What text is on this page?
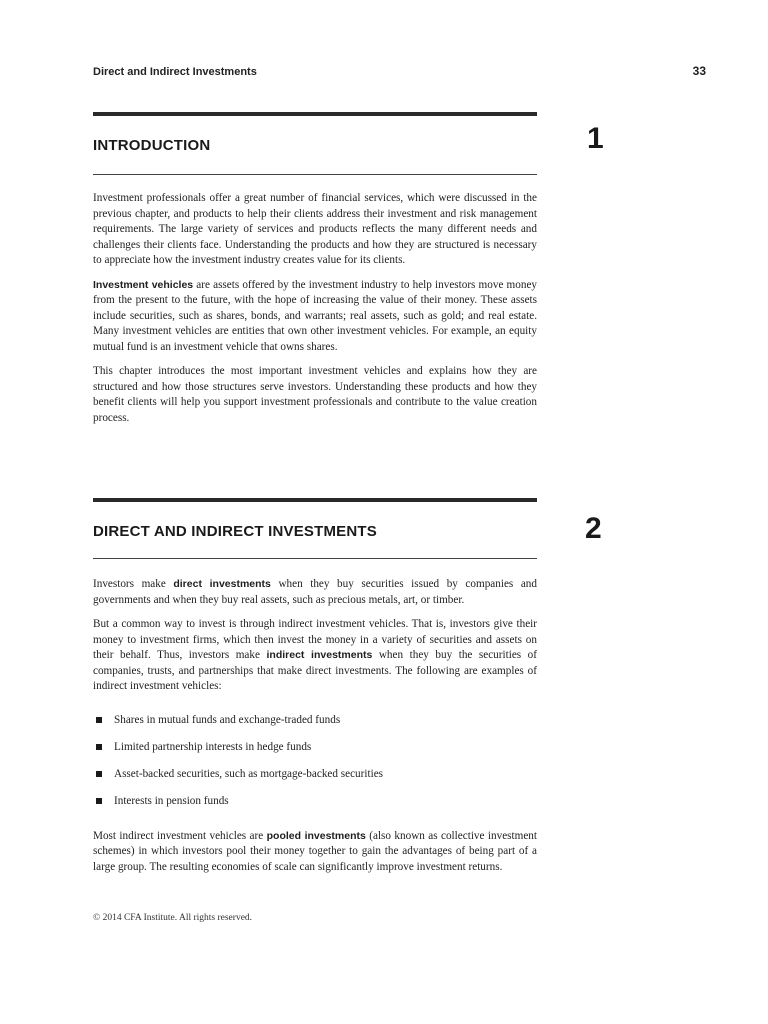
Direct and Indirect Investments	33
INTRODUCTION

Investment professionals offer a great number of financial services, which were discussed in the previous chapter, and products to help their clients address their investment and risk management requirements. The large variety of services and products reflects the many different needs and challenges their clients face. Understanding the products and how they are structured is necessary to appreciate how the investment industry creates value for its clients.

Investment vehicles are assets offered by the investment industry to help investors move money from the present to the future, with the hope of increasing the value of their money. These assets include securities, such as shares, bonds, and warrants; real assets, such as gold; and real estate. Many investment vehicles are entities that own other investment vehicles. For example, an equity mutual fund is an investment vehicle that owns shares.

This chapter introduces the most important investment vehicles and explains how they are structured and how those structures serve investors. Understanding these products and how they benefit clients will help you support investment professionals and contribute to the value creation process.

1
DIRECT AND INDIRECT INVESTMENTS

Investors make direct investments when they buy securities issued by companies and governments and when they buy real assets, such as precious metals, art, or timber.

But a common way to invest is through indirect investment vehicles. That is, investors give their money to investment firms, which then invest the money in a variety of securities and assets on their behalf. Thus, investors make indirect investments when they buy the securities of companies, trusts, and partnerships that make direct investments. The following are examples of indirect investment vehicles:

Shares in mutual funds and exchange-traded funds
Limited partnership interests in hedge funds
Asset-backed securities, such as mortgage-backed securities
Interests in pension funds

Most indirect investment vehicles are pooled investments (also known as collective investment schemes) in which investors pool their money together to gain the advantages of being part of a large group. The resulting economies of scale can significantly improve investment returns.

2
© 2014 CFA Institute. All rights reserved.
